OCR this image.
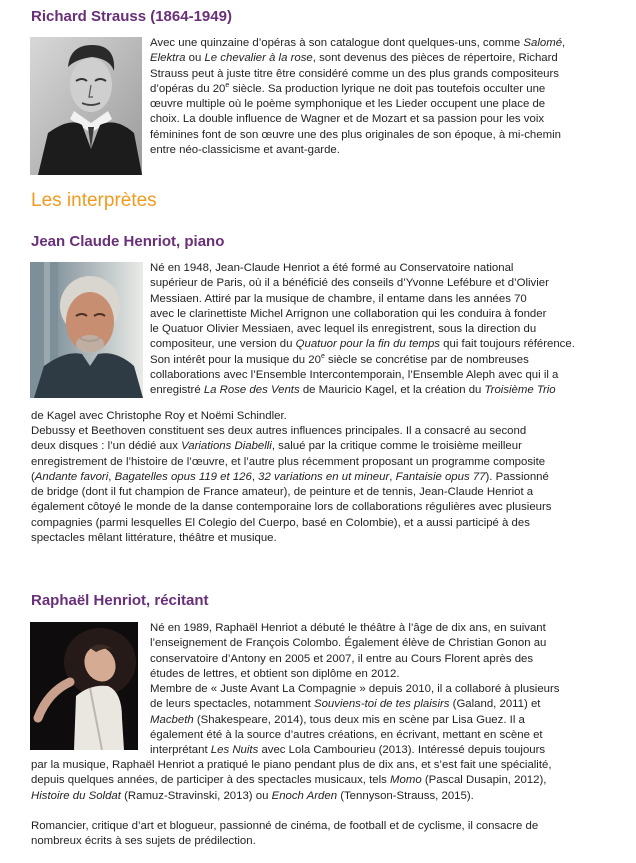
Richard Strauss (1864-1949)
Avec une quinzaine d’opéras à son catalogue dont quelques-uns, comme Salomé,
Elektra ou Le chevalier à la rose, sont devenus des pièces de répertoire, Richard
Strauss peut à juste titre être considéré comme un des plus grands compositeurs
d’opéras du 20e siècle. Sa production lyrique ne doit pas toutefois occulter une
œuvre multiple où le poème symphonique et les Lieder occupent une place de
choix. La double influence de Wagner et de Mozart et sa passion pour les voix
féminines font de son œuvre une des plus originales de son époque, à mi-chemin
entre néo-classicisme et avant-garde.
Les interprètes
Jean Claude Henriot, piano
Né en 1948, Jean-Claude Henriot a été formé au Conservatoire national
supérieur de Paris, où il a bénéficié des conseils d’Yvonne Lefébure et d’Olivier
Messiaen. Attiré par la musique de chambre, il entame dans les années 70
avec le clarinettiste Michel Arrignon une collaboration qui les conduira à fonder
le Quatuor Olivier Messiaen, avec lequel ils enregistrent, sous la direction du
compositeur, une version du Quatuor pour la fin du temps qui fait toujours référence.
Son intérêt pour la musique du 20e siècle se concrétise par de nombreuses
collaborations avec l’Ensemble Intercontemporain, l’Ensemble Aleph avec qui il a
enregistré La Rose des Vents de Mauricio Kagel, et la création du Troisième Trio
de Kagel avec Christophe Roy et Noëmi Schindler.
Debussy et Beethoven constituent ses deux autres influences principales. Il a consacré au second
deux disques : l’un dédié aux Variations Diabelli, salué par la critique comme le troisième meilleur
enregistrement de l’histoire de l’œuvre, et l’autre plus récemment proposant un programme composite
(Andante favori, Bagatelles opus 119 et 126, 32 variations en ut mineur, Fantaisie opus 77). Passionné
de bridge (dont il fut champion de France amateur), de peinture et de tennis, Jean-Claude Henriot a
également côtoyé le monde de la danse contemporaine lors de collaborations régulières avec plusieurs
compagnies (parmi lesquelles El Colegio del Cuerpo, basé en Colombie), et a aussi participé à des
spectacles mêlant littérature, théâtre et musique.
Raphaël Henriot, récitant
Né en 1989, Raphaël Henriot a débuté le théâtre à l’âge de dix ans, en suivant
l’enseignement de François Colombo. Également élève de Christian Gonon au
conservatoire d’Antony en 2005 et 2007, il entre au Cours Florent après des
études de lettres, et obtient son diplôme en 2012.
Membre de « Juste Avant La Compagnie » depuis 2010, il a collaboré à plusieurs
de leurs spectacles, notamment Souviens-toi de tes plaisirs (Galand, 2011) et
Macbeth (Shakespeare, 2014), tous deux mis en scène par Lisa Guez. Il a
également été à la source d’autres créations, en écrivant, mettant en scène et
interprétant Les Nuits avec Lola Cambourieu (2013). Intéressé depuis toujours
par la musique, Raphaël Henriot a pratiqué le piano pendant plus de dix ans, et s’est fait une spécialité,
depuis quelques années, de participer à des spectacles musicaux, tels Momo (Pascal Dusapin, 2012),
Histoire du Soldat (Ramuz-Stravinski, 2013) ou Enoch Arden (Tennyson-Strauss, 2015).
Romancier, critique d’art et blogueur, passionné de cinéma, de football et de cyclisme, il consacre de
nombreux écrits à ses sujets de prédilection.
